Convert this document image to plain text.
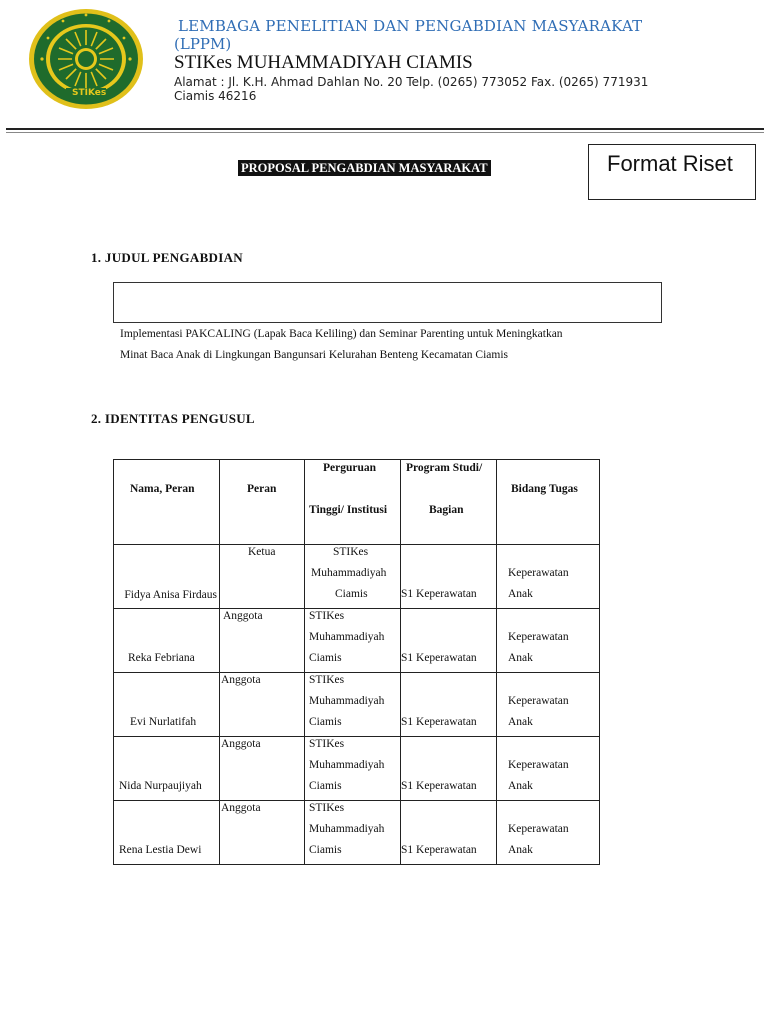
STIKes
LEMBAGA PENELITIAN DAN PENGABDIAN MASYARAKAT
(LPPM)
STIKes MUHAMMADIYAH CIAMIS
Alamat : Jl. K.H. Ahmad Dahlan No. 20 Telp. (0265) 773052 Fax. (0265) 771931 Ciamis 46216
PROPOSAL PENGABDIAN MASYARAKAT	Format Riset
1. JUDUL PENGABDIAN
Implementasi PAKCALING (Lapak Baca Keliling) dan Seminar Parenting untuk Meningkatkan
Minat Baca Anak di Lingkungan Bangunsari Kelurahan Benteng Kecamatan Ciamis
2. IDENTITAS PENGUSUL
Nama, Peran	Peran	Perguruan
Tinggi/ Institusi	Program Studi/
Bagian	Bidang Tugas

Fidya Anisa Firdaus	Ketua	STIKes
Muhammadiyah
Ciamis	S1 Keperawatan	Keperawatan
Anak

Reka Febriana	Anggota	STIKes
Muhammadiyah
Ciamis	S1 Keperawatan	Keperawatan
Anak

Evi Nurlatifah	Anggota	STIKes
Muhammadiyah
Ciamis	S1 Keperawatan	Keperawatan
Anak

Nida Nurpaujiyah	Anggota	STIKes
Muhammadiyah
Ciamis	S1 Keperawatan	Keperawatan
Anak

Rena Lestia Dewi	Anggota	STIKes
Muhammadiyah
Ciamis	S1 Keperawatan	Keperawatan
Anak
